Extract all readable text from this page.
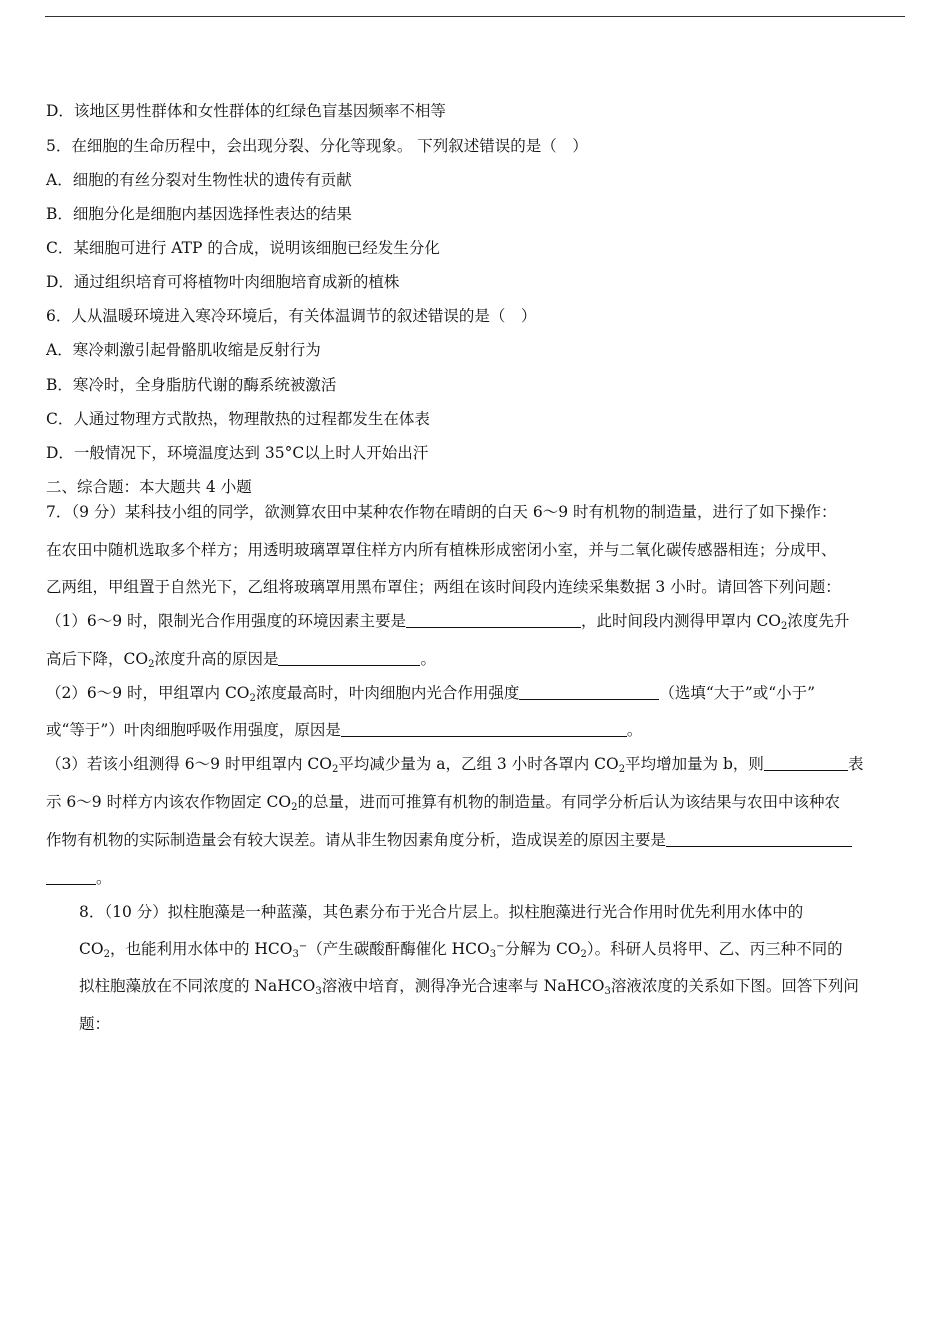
D．该地区男性群体和女性群体的红绿色盲基因频率不相等
5．在细胞的生命历程中，会出现分裂、分化等现象。 下列叙述错误的是（　）
A．细胞的有丝分裂对生物性状的遗传有贡献
B．细胞分化是细胞内基因选择性表达的结果
C．某细胞可进行 ATP 的合成，说明该细胞已经发生分化
D．通过组织培育可将植物叶肉细胞培育成新的植株
6．人从温暖环境进入寒冷环境后，有关体温调节的叙述错误的是（　）
A．寒冷刺激引起骨骼肌收缩是反射行为
B．寒冷时，全身脂肪代谢的酶系统被激活
C．人通过物理方式散热，物理散热的过程都发生在体表
D．一般情况下，环境温度达到 35°C以上时人开始出汗
二、综合题：本大题共 4 小题
7．（9 分）某科技小组的同学，欲测算农田中某种农作物在晴朗的白天 6～9 时有机物的制造量，进行了如下操作：
在农田中随机选取多个样方；用透明玻璃罩罩住样方内所有植株形成密闭小室，并与二氧化碳传感器相连；分成甲、
乙两组，甲组置于自然光下，乙组将玻璃罩用黑布罩住；两组在该时间段内连续采集数据 3 小时。请回答下列问题：
（1）6～9 时，限制光合作用强度的环境因素主要是	，此时间段内测得甲罩内 $CO_2$浓度先升
高后下降，$CO_2$浓度升高的原因是	。
（2）6～9 时，甲组罩内 $CO_2$浓度最高时，叶肉细胞内光合作用强度	（选填“大于”或“小于”
或“等于”）叶肉细胞呼吸作用强度，原因是	。
（3）若该小组测得 6～9 时甲组罩内 $CO_2$平均减少量为 a，乙组 3 小时各罩内 $CO_2$平均增加量为 b，则	表
示 6～9 时样方内该农作物固定 $CO_2$的总量，进而可推算有机物的制造量。有同学分析后认为该结果与农田中该种农
作物有机物的实际制造量会有较大误差。请从非生物因素角度分析，造成误差的原因主要是
。
8．（10 分）拟柱胞藻是一种蓝藻，其色素分布于光合片层上。拟柱胞藻进行光合作用时优先利用水体中的
$CO_2$，也能利用水体中的 $HCO_3^-$（产生碳酸酐酶催化 $HCO_3^-$分解为 $CO_2$）。科研人员将甲、乙、丙三种不同的
拟柱胞藻放在不同浓度的 NaHCO$_3$溶液中培育，测得净光合速率与 NaHCO$_3$溶液浓度的关系如下图。回答下列问
题：
